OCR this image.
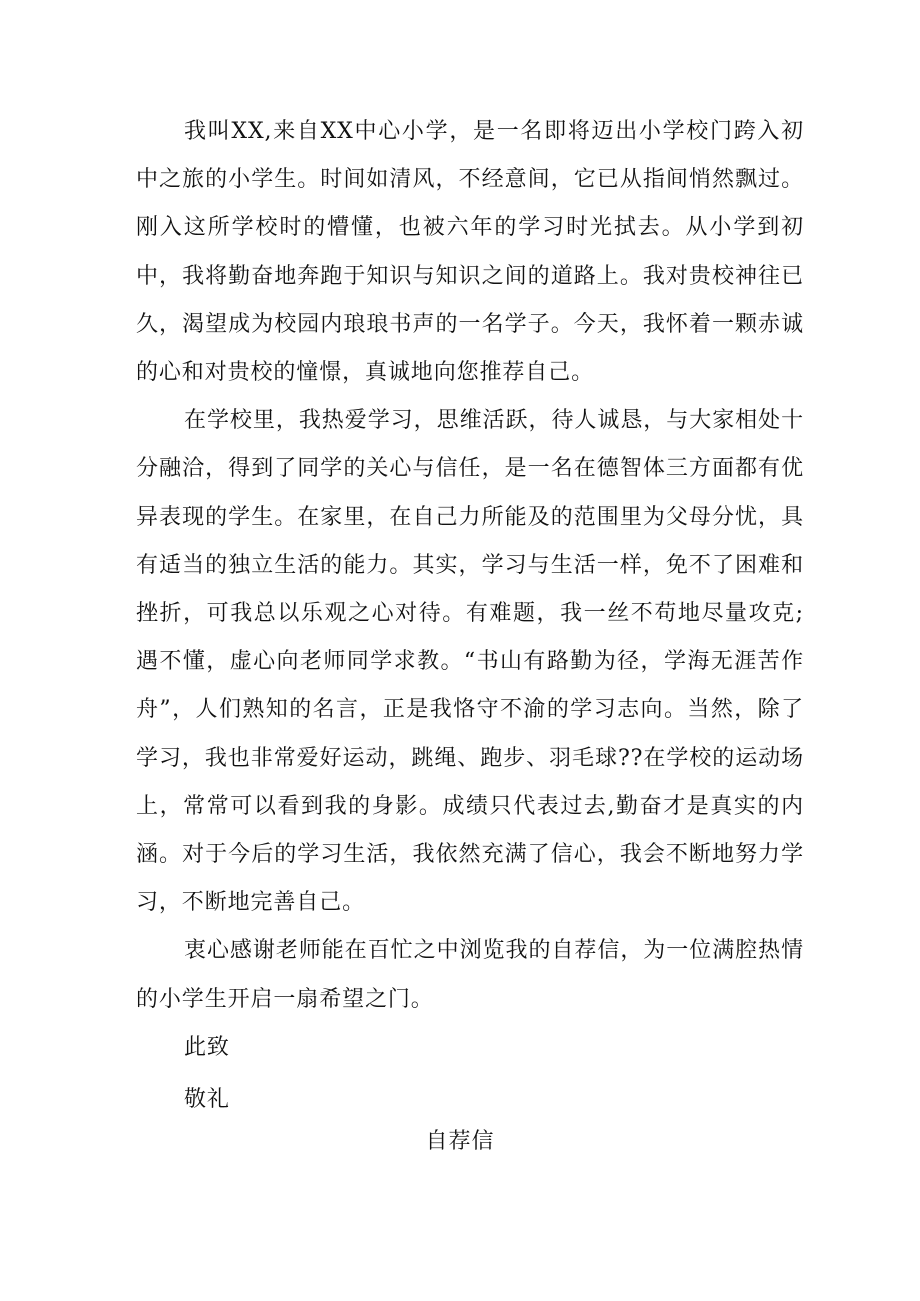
我叫XX,来自XX中心小学，是一名即将迈出小学校门跨入初中之旅的小学生。时间如清风，不经意间，它已从指间悄然飘过。刚入这所学校时的懵懂，也被六年的学习时光拭去。从小学到初中，我将勤奋地奔跑于知识与知识之间的道路上。我对贵校神往已久，渴望成为校园内琅琅书声的一名学子。今天，我怀着一颗赤诚的心和对贵校的憧憬，真诚地向您推荐自己。

在学校里，我热爱学习，思维活跃，待人诚恳，与大家相处十分融洽，得到了同学的关心与信任，是一名在德智体三方面都有优异表现的学生。在家里，在自己力所能及的范围里为父母分忧，具有适当的独立生活的能力。其实，学习与生活一样，免不了困难和挫折，可我总以乐观之心对待。有难题，我一丝不苟地尽量攻克;遇不懂，虚心向老师同学求教。“书山有路勤为径，学海无涯苦作舟”，人们熟知的名言，正是我恪守不渝的学习志向。当然，除了学习，我也非常爱好运动，跳绳、跑步、羽毛球??在学校的运动场上，常常可以看到我的身影。成绩只代表过去,勤奋才是真实的内涵。对于今后的学习生活，我依然充满了信心，我会不断地努力学习，不断地完善自己。

衷心感谢老师能在百忙之中浏览我的自荐信，为一位满腔热情的小学生开启一扇希望之门。

此致

敬礼

自荐信
